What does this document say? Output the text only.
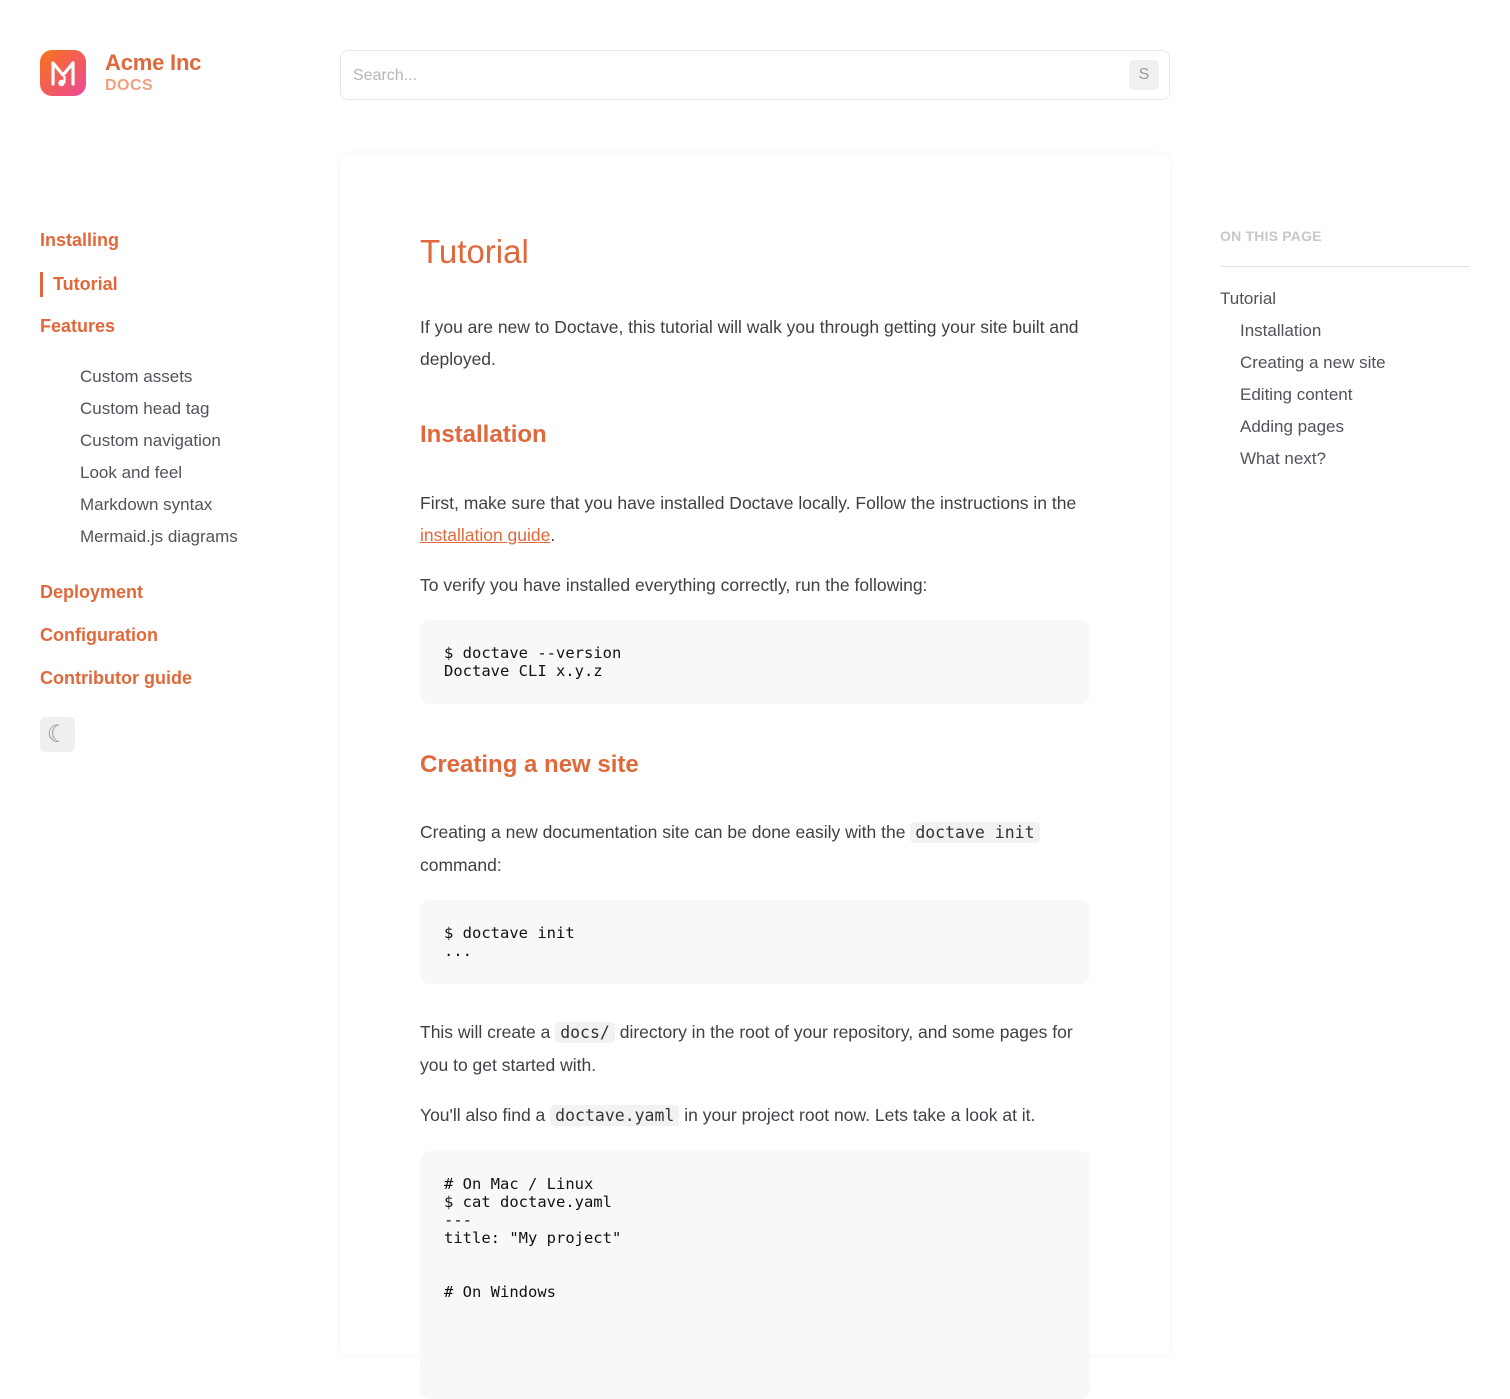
Acme Inc
DOCS
Search...
S
Installing
Tutorial
Features
Custom assets
Custom head tag
Custom navigation
Look and feel
Markdown syntax
Mermaid.js diagrams
Deployment
Configuration
Contributor guide
☾
Tutorial

If you are new to Doctave, this tutorial will walk you through getting your site built and deployed.

Installation

First, make sure that you have installed Doctave locally. Follow the instructions in the installation guide.

To verify you have installed everything correctly, run the following:

$ doctave --version
Doctave CLI x.y.z
Creating a new site

Creating a new documentation site can be done easily with the doctave init command:

$ doctave init
...

This will create a docs/ directory in the root of your repository, and some pages for you to get started with.

You'll also find a doctave.yaml in your project root now. Lets take a look at it.

# On Mac / Linux
$ cat doctave.yaml
---
title: "My project"

# On Windows
ON THIS PAGE
Tutorial
Installation
Creating a new site
Editing content
Adding pages
What next?
